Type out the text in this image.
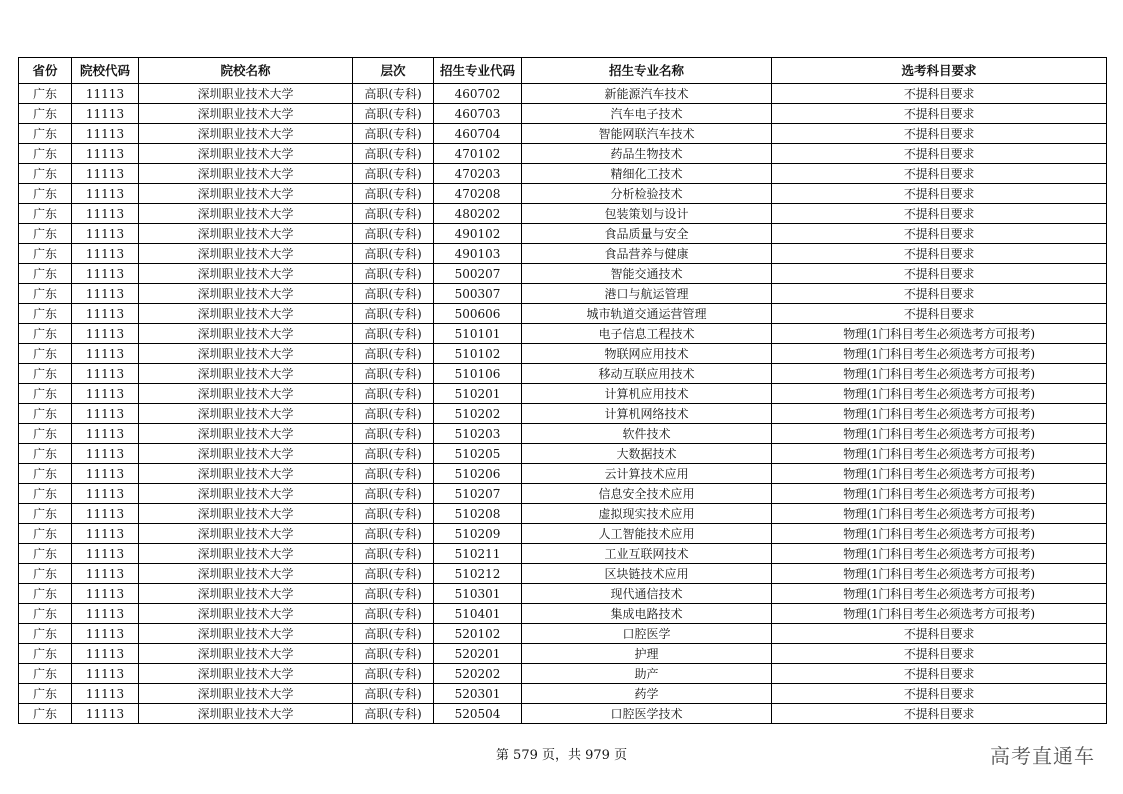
省份	院校代码	院校名称	层次	招生专业代码	招生专业名称	选考科目要求
广东	11113	深圳职业技术大学	高职(专科)	460702	新能源汽车技术	不提科目要求
广东	11113	深圳职业技术大学	高职(专科)	460703	汽车电子技术	不提科目要求
广东	11113	深圳职业技术大学	高职(专科)	460704	智能网联汽车技术	不提科目要求
广东	11113	深圳职业技术大学	高职(专科)	470102	药品生物技术	不提科目要求
广东	11113	深圳职业技术大学	高职(专科)	470203	精细化工技术	不提科目要求
广东	11113	深圳职业技术大学	高职(专科)	470208	分析检验技术	不提科目要求
广东	11113	深圳职业技术大学	高职(专科)	480202	包装策划与设计	不提科目要求
广东	11113	深圳职业技术大学	高职(专科)	490102	食品质量与安全	不提科目要求
广东	11113	深圳职业技术大学	高职(专科)	490103	食品营养与健康	不提科目要求
广东	11113	深圳职业技术大学	高职(专科)	500207	智能交通技术	不提科目要求
广东	11113	深圳职业技术大学	高职(专科)	500307	港口与航运管理	不提科目要求
广东	11113	深圳职业技术大学	高职(专科)	500606	城市轨道交通运营管理	不提科目要求
广东	11113	深圳职业技术大学	高职(专科)	510101	电子信息工程技术	物理(1门科目考生必须选考方可报考)
广东	11113	深圳职业技术大学	高职(专科)	510102	物联网应用技术	物理(1门科目考生必须选考方可报考)
广东	11113	深圳职业技术大学	高职(专科)	510106	移动互联应用技术	物理(1门科目考生必须选考方可报考)
广东	11113	深圳职业技术大学	高职(专科)	510201	计算机应用技术	物理(1门科目考生必须选考方可报考)
广东	11113	深圳职业技术大学	高职(专科)	510202	计算机网络技术	物理(1门科目考生必须选考方可报考)
广东	11113	深圳职业技术大学	高职(专科)	510203	软件技术	物理(1门科目考生必须选考方可报考)
广东	11113	深圳职业技术大学	高职(专科)	510205	大数据技术	物理(1门科目考生必须选考方可报考)
广东	11113	深圳职业技术大学	高职(专科)	510206	云计算技术应用	物理(1门科目考生必须选考方可报考)
广东	11113	深圳职业技术大学	高职(专科)	510207	信息安全技术应用	物理(1门科目考生必须选考方可报考)
广东	11113	深圳职业技术大学	高职(专科)	510208	虚拟现实技术应用	物理(1门科目考生必须选考方可报考)
广东	11113	深圳职业技术大学	高职(专科)	510209	人工智能技术应用	物理(1门科目考生必须选考方可报考)
广东	11113	深圳职业技术大学	高职(专科)	510211	工业互联网技术	物理(1门科目考生必须选考方可报考)
广东	11113	深圳职业技术大学	高职(专科)	510212	区块链技术应用	物理(1门科目考生必须选考方可报考)
广东	11113	深圳职业技术大学	高职(专科)	510301	现代通信技术	物理(1门科目考生必须选考方可报考)
广东	11113	深圳职业技术大学	高职(专科)	510401	集成电路技术	物理(1门科目考生必须选考方可报考)
广东	11113	深圳职业技术大学	高职(专科)	520102	口腔医学	不提科目要求
广东	11113	深圳职业技术大学	高职(专科)	520201	护理	不提科目要求
广东	11113	深圳职业技术大学	高职(专科)	520202	助产	不提科目要求
广东	11113	深圳职业技术大学	高职(专科)	520301	药学	不提科目要求
广东	11113	深圳职业技术大学	高职(专科)	520504	口腔医学技术	不提科目要求
第 579 页，共 979 页	高考直通车
